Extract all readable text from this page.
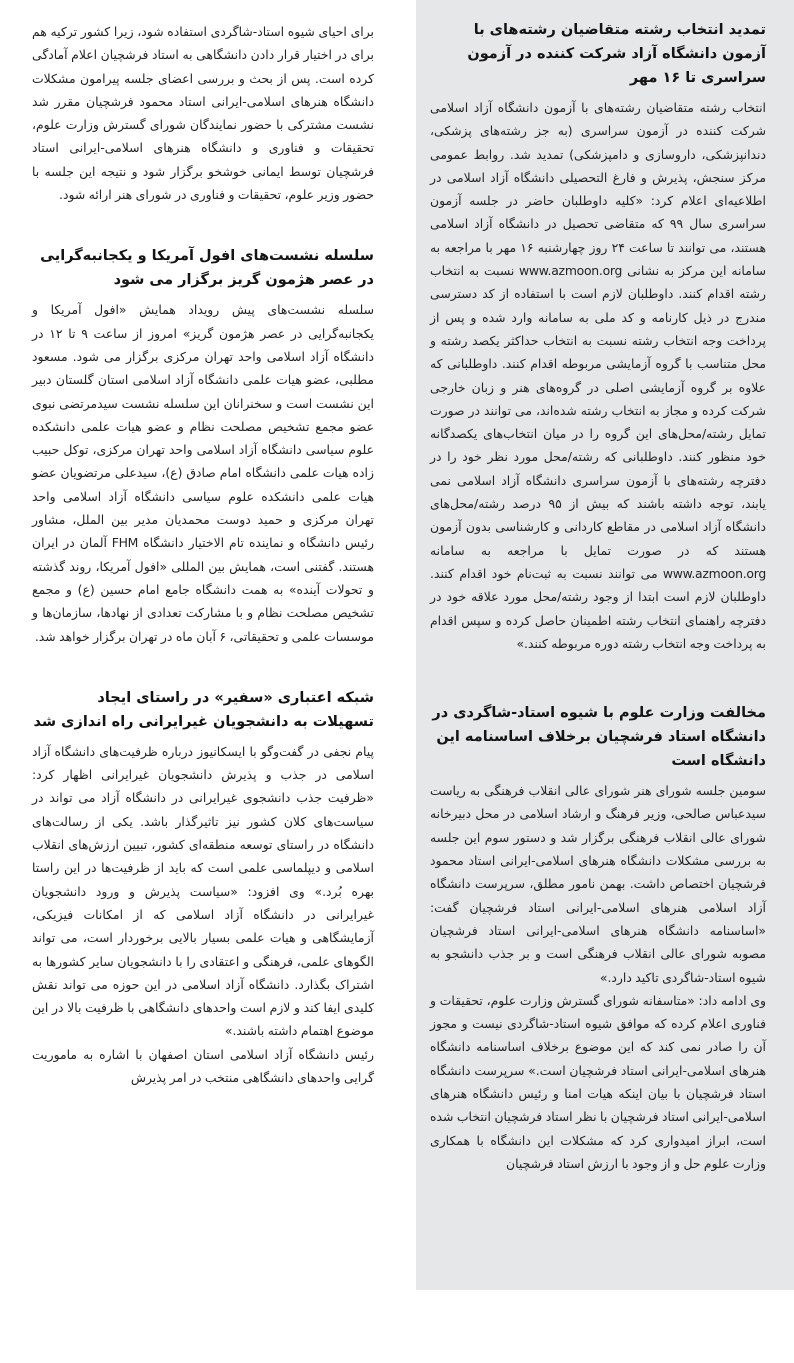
تمدید انتخاب رشته متقاضیان رشته‌های با آزمون دانشگاه آزاد شرکت کننده در آزمون سراسری تا ۱۶ مهر

انتخاب رشته متقاضیان رشته‌های با آزمون دانشگاه آزاد اسلامی شرکت کننده در آزمون سراسری (به جز رشته‌های پزشکی، دندانپزشکی، داروسازی و دامپزشکی) تمدید شد. روابط عمومی مرکز سنجش، پذیرش و فارغ التحصیلی دانشگاه آزاد اسلامی در اطلاعیه‌ای اعلام کرد: «کلیه داوطلبان حاضر در جلسه آزمون سراسری سال ۹۹ که متقاضی تحصیل در دانشگاه آزاد اسلامی هستند، می توانند تا ساعت ۲۴ روز چهارشنبه ۱۶ مهر با مراجعه به سامانه این مرکز به نشانی www.azmoon.org نسبت به انتخاب رشته اقدام کنند. داوطلبان لازم است با استفاده از کد دسترسی مندرج در ذیل کارنامه و کد ملی به سامانه وارد شده و پس از پرداخت وجه انتخاب رشته نسبت به انتخاب حداکثر یکصد رشته و محل متناسب با گروه آزمایشی مربوطه اقدام کنند. داوطلبانی که علاوه بر گروه آزمایشی اصلی در گروه‌های هنر و زبان خارجی شرکت کرده و مجاز به انتخاب رشته شده‌اند، می توانند در صورت تمایل رشته/محل‌های این گروه را در میان انتخاب‌های یکصدگانه خود منظور کنند. داوطلبانی که رشته/محل مورد نظر خود را در دفترچه رشته‌های با آزمون سراسری دانشگاه آزاد اسلامی نمی یابند، توجه داشته باشند که بیش از ۹۵ درصد رشته/محل‌های دانشگاه آزاد اسلامی در مقاطع کاردانی و کارشناسی بدون آزمون هستند که در صورت تمایل با مراجعه به سامانه www.azmoon.org می توانند نسبت به ثبت‌نام خود اقدام کنند. داوطلبان لازم است ابتدا از وجود رشته/محل مورد علاقه خود در دفترچه راهنمای انتخاب رشته اطمینان حاصل کرده و سپس اقدام به پرداخت وجه انتخاب رشته دوره مربوطه کنند.»

مخالفت وزارت علوم با شیوه استاد-شاگردی در دانشگاه استاد فرشچیان برخلاف اساسنامه این دانشگاه است

سومین جلسه شورای هنر شورای عالی انقلاب فرهنگی به ریاست سیدعباس صالحی، وزیر فرهنگ و ارشاد اسلامی در محل دبیرخانه شورای عالی انقلاب فرهنگی برگزار شد و دستور سوم این جلسه به بررسی مشکلات دانشگاه هنرهای اسلامی-ایرانی استاد محمود فرشچیان اختصاص داشت. بهمن نامور مطلق، سرپرست دانشگاه آزاد اسلامی هنرهای اسلامی-ایرانی استاد فرشچیان گفت: «اساسنامه دانشگاه هنرهای اسلامی-ایرانی استاد فرشچیان مصوبه شورای عالی انقلاب فرهنگی است و بر جذب دانشجو به شیوه استاد-شاگردی تاکید دارد.»

وی ادامه داد: «متاسفانه شورای گسترش وزارت علوم، تحقیقات و فناوری اعلام کرده که موافق شیوه استاد-شاگردی نیست و مجوز آن را صادر نمی کند که این موضوع برخلاف اساسنامه دانشگاه هنرهای اسلامی-ایرانی استاد فرشچیان است.» سرپرست دانشگاه استاد فرشچیان با بیان اینکه هیات امنا و رئیس دانشگاه هنرهای اسلامی-ایرانی استاد فرشچیان با نظر استاد فرشچیان انتخاب شده است، ابراز امیدواری کرد که مشکلات این دانشگاه با همکاری وزارت علوم حل و از وجود با ارزش استاد فرشچیان

برای احیای شیوه استاد-شاگردی استفاده شود، زیرا کشور ترکیه هم برای در اختیار قرار دادن دانشگاهی به استاد فرشچیان اعلام آمادگی کرده است. پس از بحث و بررسی اعضای جلسه پیرامون مشکلات دانشگاه هنرهای اسلامی-ایرانی استاد محمود فرشچیان مقرر شد نشست مشترکی با حضور نمایندگان شورای گسترش وزارت علوم، تحقیقات و فناوری و دانشگاه هنرهای اسلامی-ایرانی استاد فرشچیان توسط ایمانی خوشخو برگزار شود و نتیجه این جلسه با حضور وزیر علوم، تحقیقات و فناوری در شورای هنر ارائه شود.

سلسله نشست‌های افول آمریکا و یکجانبه‌گرایی در عصر هژمون گریز برگزار می شود

سلسله نشست‌های پیش رویداد همایش «افول آمریکا و یکجانبه‌گرایی در عصر هژمون گریز» امروز از ساعت ۹ تا ۱۲ در دانشگاه آزاد اسلامی واحد تهران مرکزی برگزار می شود. مسعود مطلبی، عضو هیات علمی دانشگاه آزاد اسلامی استان گلستان دبیر این نشست است و سخنرانان این سلسله نشست سیدمرتضی نبوی عضو مجمع تشخیص مصلحت نظام و عضو هیات علمی دانشکده علوم سیاسی دانشگاه آزاد اسلامی واحد تهران مرکزی، توکل حبیب زاده هیات علمی دانشگاه امام صادق (ع)، سیدعلی مرتضویان عضو هیات علمی دانشکده علوم سیاسی دانشگاه آزاد اسلامی واحد تهران مرکزی و حمید دوست محمدیان مدیر بین الملل، مشاور رئیس دانشگاه و نماینده تام الاختیار دانشگاه FHM آلمان در ایران هستند. گفتنی است، همایش بین المللی «افول آمریکا، روند گذشته و تحولات آینده» به همت دانشگاه جامع امام حسین (ع) و مجمع تشخیص مصلحت نظام و با مشارکت تعدادی از نهادها، سازمان‌ها و موسسات علمی و تحقیقاتی، ۶ آبان ماه در تهران برگزار خواهد شد.

شبکه اعتباری «سفیر» در راستای ایجاد تسهیلات به دانشجویان غیرایرانی راه اندازی شد

پیام نجفی در گفت‌وگو با ایسکانیوز درباره ظرفیت‌های دانشگاه آزاد اسلامی در جذب و پذیرش دانشجویان غیرایرانی اظهار کرد: «ظرفیت جذب دانشجوی غیرایرانی در دانشگاه آزاد می تواند در سیاست‌های کلان کشور نیز تاثیرگذار باشد. یکی از رسالت‌های دانشگاه در راستای توسعه منطقه‌ای کشور، تبیین ارزش‌های انقلاب اسلامی و دیپلماسی علمی است که باید از ظرفیت‌ها در این راستا بهره بُرد.» وی افزود: «سیاست پذیرش و ورود دانشجویان غیرایرانی در دانشگاه آزاد اسلامی که از امکانات فیزیکی، آزمایشگاهی و هیات علمی بسیار بالایی برخوردار است، می تواند الگوهای علمی، فرهنگی و اعتقادی را با دانشجویان سایر کشورها به اشتراک بگذارد. دانشگاه آزاد اسلامی در این حوزه می تواند نقش کلیدی ایفا کند و لازم است واحدهای دانشگاهی با ظرفیت بالا در این موضوع اهتمام داشته باشند.»

رئیس دانشگاه آزاد اسلامی استان اصفهان با اشاره به ماموریت گرایی واحدهای دانشگاهی منتخب در امر پذیرش
